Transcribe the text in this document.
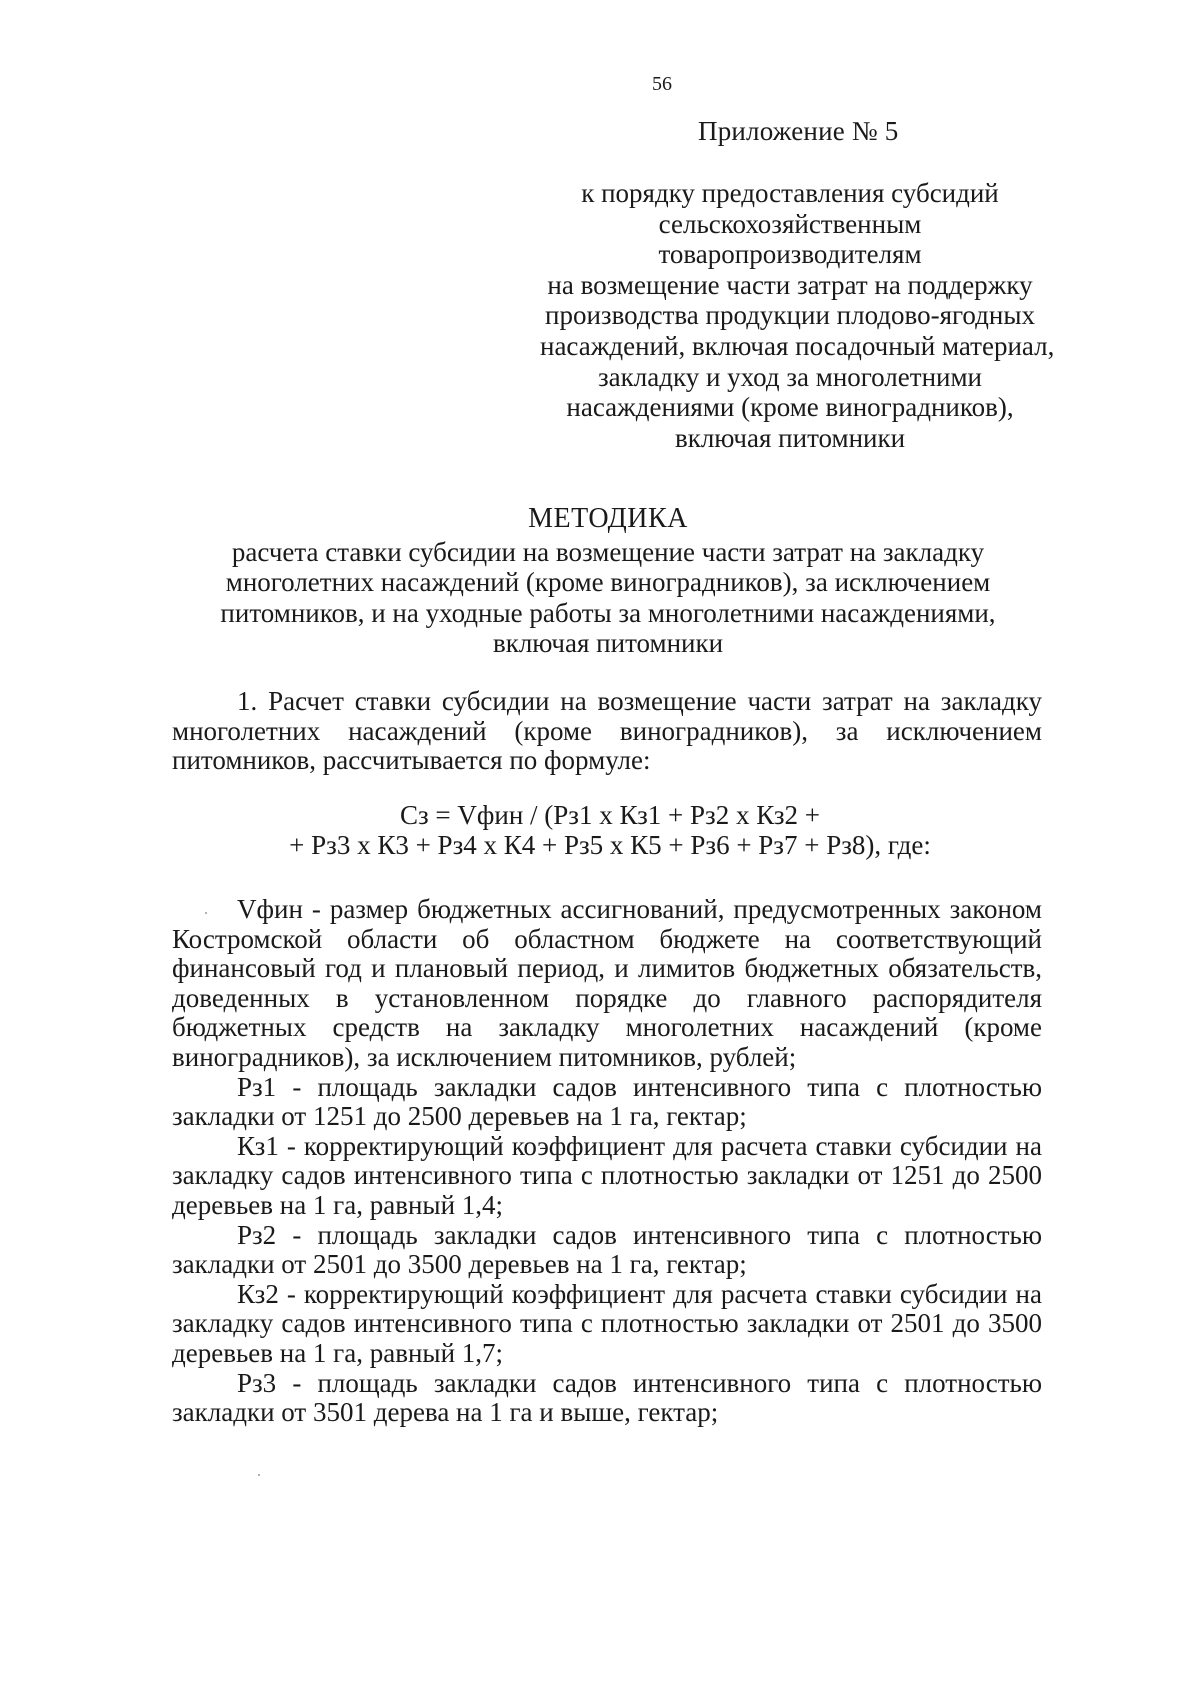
56
Приложение № 5
к порядку предоставления субсидий
сельскохозяйственным
товаропроизводителям
на возмещение части затрат на поддержку
производства продукции плодово-ягодных
насаждений, включая посадочный материал,
закладку и уход за многолетними
насаждениями (кроме виноградников),
включая питомники
МЕТОДИКА
расчета ставки субсидии на возмещение части затрат на закладку
многолетних насаждений (кроме виноградников), за исключением
питомников, и на уходные работы за многолетними насаждениями,
включая питомники

1. Расчет ставки субсидии на возмещение части затрат на закладку многолетних насаждений (кроме виноградников), за исключением питомников, рассчитывается по формуле:

Сз = Vфин / (Рз1 х Кз1 + Рз2 х Кз2 +
+ Рз3 х К3 + Рз4 х К4 + Рз5 х К5 + Рз6 + Рз7 + Рз8), где:

Vфин - размер бюджетных ассигнований, предусмотренных законом Костромской области об областном бюджете на соответствующий финансовый год и плановый период, и лимитов бюджетных обязательств, доведенных в установленном порядке до главного распорядителя бюджетных средств на закладку многолетних насаждений (кроме виноградников), за исключением питомников, рублей;

Рз1 - площадь закладки садов интенсивного типа с плотностью закладки от 1251 до 2500 деревьев на 1 га, гектар;

Кз1 - корректирующий коэффициент для расчета ставки субсидии на закладку садов интенсивного типа с плотностью закладки от 1251 до 2500 деревьев на 1 га, равный 1,4;

Рз2 - площадь закладки садов интенсивного типа с плотностью закладки от 2501 до 3500 деревьев на 1 га, гектар;

Кз2 - корректирующий коэффициент для расчета ставки субсидии на закладку садов интенсивного типа с плотностью закладки от 2501 до 3500 деревьев на 1 га, равный 1,7;

Рз3 - площадь закладки садов интенсивного типа с плотностью закладки от 3501 дерева на 1 га и выше, гектар;
